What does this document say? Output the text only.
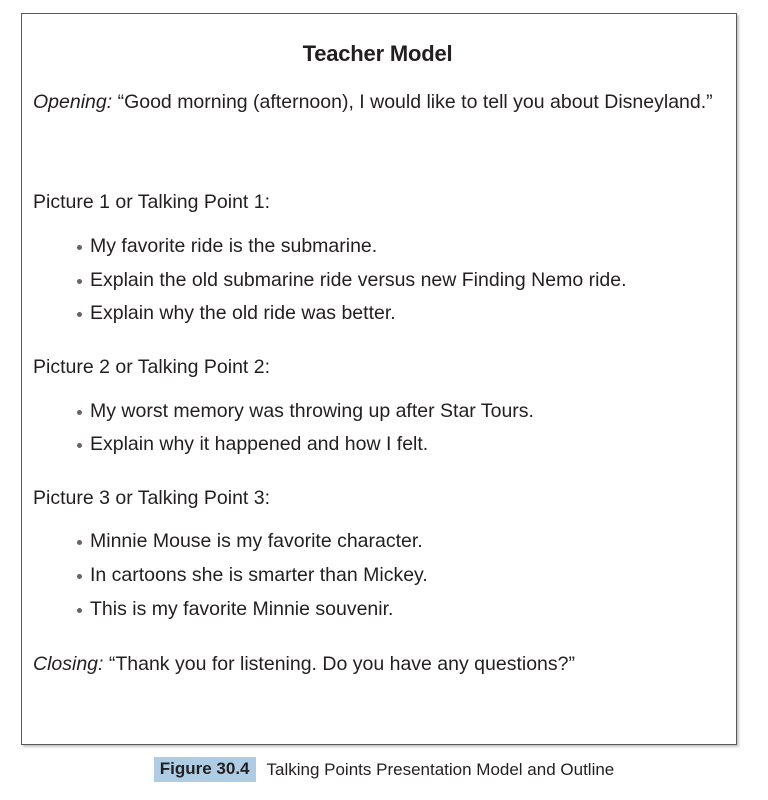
Teacher Model
Opening: “Good morning (afternoon), I would like to tell you about Disneyland.”
Picture 1 or Talking Point 1:
My favorite ride is the submarine.
Explain the old submarine ride versus new Finding Nemo ride.
Explain why the old ride was better.
Picture 2 or Talking Point 2:
My worst memory was throwing up after Star Tours.
Explain why it happened and how I felt.
Picture 3 or Talking Point 3:
Minnie Mouse is my favorite character.
In cartoons she is smarter than Mickey.
This is my favorite Minnie souvenir.
Closing: “Thank you for listening. Do you have any questions?”
Figure 30.4 Talking Points Presentation Model and Outline
